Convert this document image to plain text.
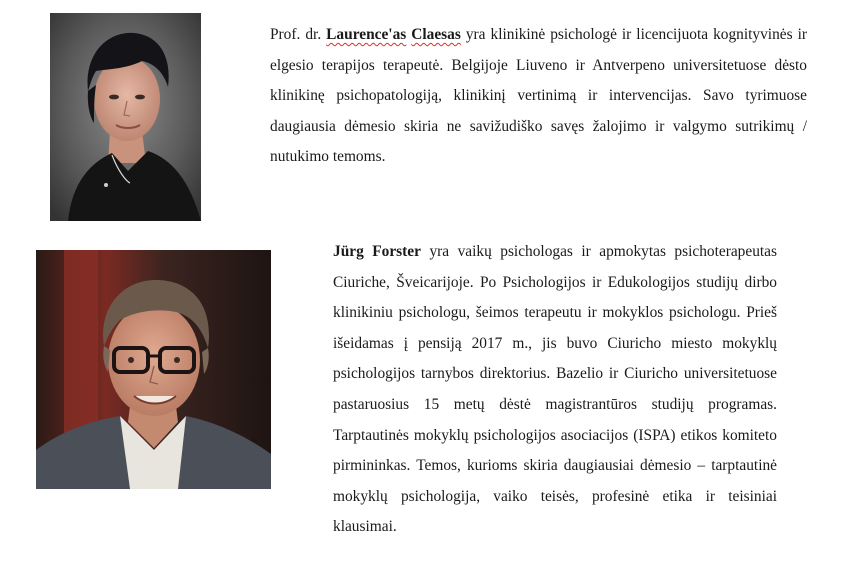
Prof. dr. Laurence'as Claesas yra klinikinė psichologė ir licencijuota kognityvinės ir elgesio terapijos terapeutė. Belgijoje Liuveno ir Antverpeno universitetuose dėsto klinikinę psichopatologiją, klinikinį vertinimą ir intervencijas. Savo tyrimuose daugiausia dėmesio skiria ne savižudiško savęs žalojimo ir valgymo sutrikimų / nutukimo temoms.

Jürg Forster yra vaikų psichologas ir apmokytas psichoterapeutas Ciuriche, Šveicarijoje. Po Psichologijos ir Edukologijos studijų dirbo klinikiniu psichologu, šeimos terapeutu ir mokyklos psichologu. Prieš išeidamas į pensiją 2017 m., jis buvo Ciuricho miesto mokyklų psichologijos tarnybos direktorius. Bazelio ir Ciuricho universitetuose pastaruosius 15 metų dėstė magistrantūros studijų programas. Tarptautinės mokyklų psichologijos asociacijos (ISPA) etikos komiteto pirmininkas. Temos, kurioms skiria daugiausiai dėmesio – tarptautinė mokyklų psichologija, vaiko teisės, profesinė etika ir teisiniai klausimai.
